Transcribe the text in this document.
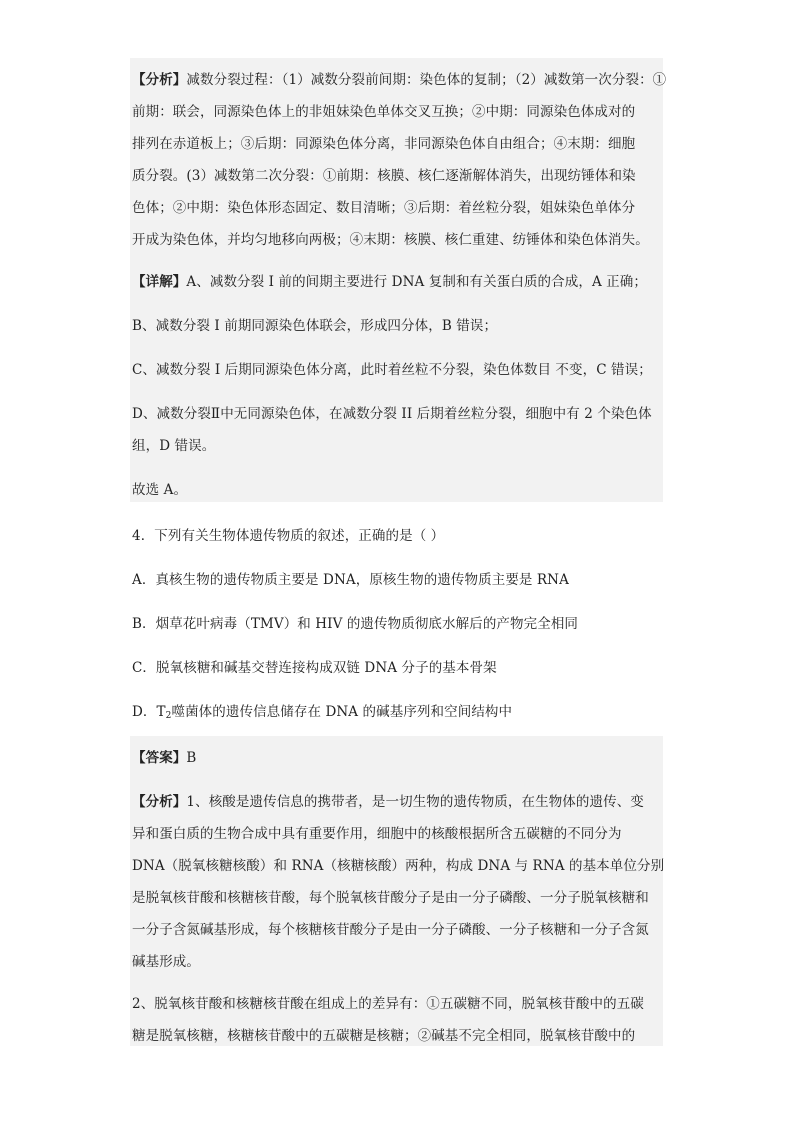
【分析】减数分裂过程：（1）减数分裂前间期：染色体的复制；（2）减数第一次分裂：①

前期：联会，同源染色体上的非姐妹染色单体交叉互换；②中期：同源染色体成对的

排列在赤道板上；③后期：同源染色体分离，非同源染色体自由组合；④末期：细胞

质分裂。(3）减数第二次分裂：①前期：核膜、核仁逐渐解体消失，出现纺锤体和染

色体；②中期：染色体形态固定、数目清晰；③后期：着丝粒分裂，姐妹染色单体分

开成为染色体，并均匀地移向两极；④末期：核膜、核仁重建、纺锤体和染色体消失。

【详解】A、减数分裂 I 前的间期主要进行 DNA 复制和有关蛋白质的合成，A 正确；

B、减数分裂 I 前期同源染色体联会，形成四分体，B 错误；

C、减数分裂 I 后期同源染色体分离，此时着丝粒不分裂，染色体数目 不变，C 错误；

D、减数分裂Ⅱ中无同源染色体，在减数分裂 II 后期着丝粒分裂，细胞中有 2 个染色体

组，D 错误。

故选 A。

4．下列有关生物体遗传物质的叙述，正确的是（ ）

A．真核生物的遗传物质主要是 DNA，原核生物的遗传物质主要是 RNA

B．烟草花叶病毒（TMV）和 HIV 的遗传物质彻底水解后的产物完全相同

C．脱氧核糖和碱基交替连接构成双链 DNA 分子的基本骨架

D．$T_2$噬菌体的遗传信息储存在 DNA 的碱基序列和空间结构中

【答案】B

【分析】1、核酸是遗传信息的携带者，是一切生物的遗传物质，在生物体的遗传、变

异和蛋白质的生物合成中具有重要作用，细胞中的核酸根据所含五碳糖的不同分为

DNA（脱氧核糖核酸）和 RNA（核糖核酸）两种，构成 DNA 与 RNA 的基本单位分别

是脱氧核苷酸和核糖核苷酸，每个脱氧核苷酸分子是由一分子磷酸、一分子脱氧核糖和

一分子含氮碱基形成，每个核糖核苷酸分子是由一分子磷酸、一分子核糖和一分子含氮

碱基形成。

2、脱氧核苷酸和核糖核苷酸在组成上的差异有：①五碳糖不同，脱氧核苷酸中的五碳

糖是脱氧核糖，核糖核苷酸中的五碳糖是核糖；②碱基不完全相同，脱氧核苷酸中的
